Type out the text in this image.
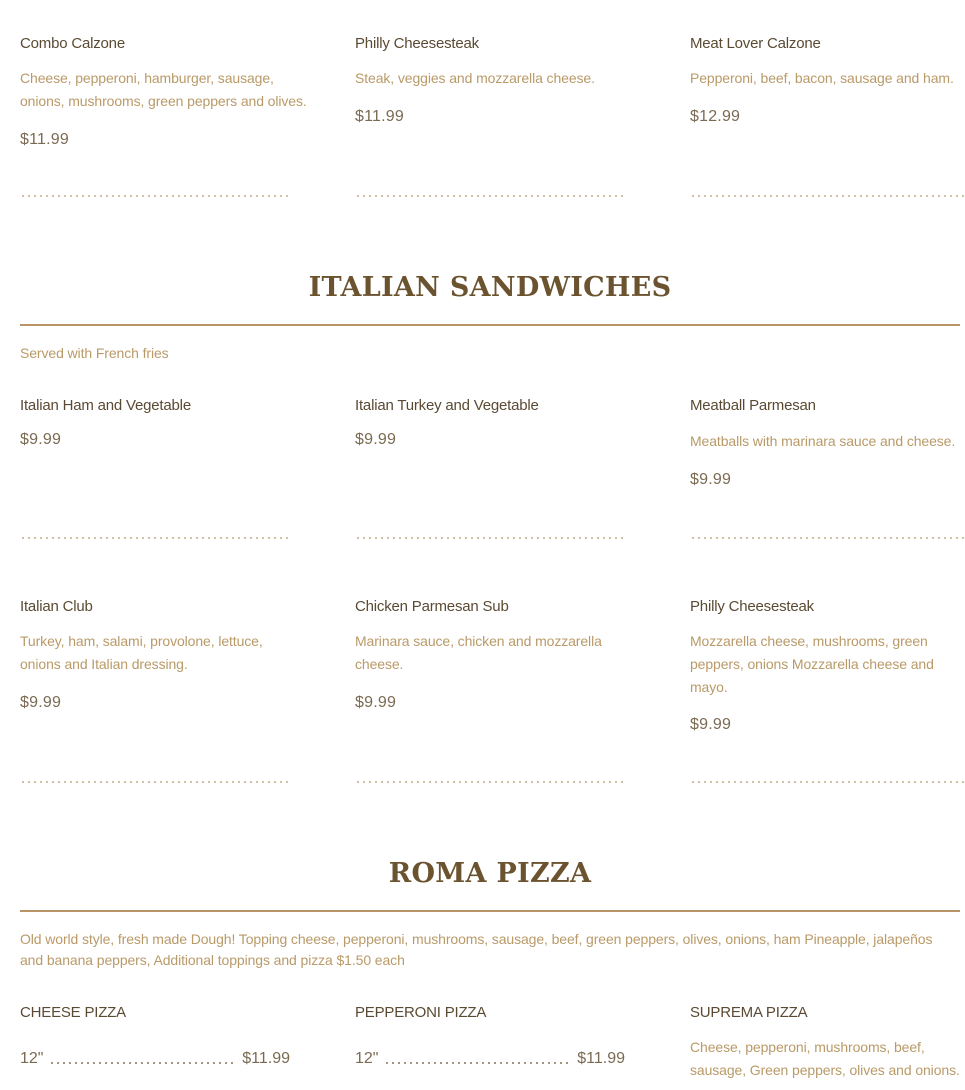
Combo Calzone
Cheese, pepperoni, hamburger, sausage, onions, mushrooms, green peppers and olives.
$11.99
Philly Cheesesteak
Steak, veggies and mozzarella cheese.
$11.99
Meat Lover Calzone
Pepperoni, beef, bacon, sausage and ham.
$12.99
ITALIAN SANDWICHES
Served with French fries
Italian Ham and Vegetable
$9.99
Italian Turkey and Vegetable
$9.99
Meatball Parmesan
Meatballs with marinara sauce and cheese.
$9.99
Italian Club
Turkey, ham, salami, provolone, lettuce, onions and Italian dressing.
$9.99
Chicken Parmesan Sub
Marinara sauce, chicken and mozzarella cheese.
$9.99
Philly Cheesesteak
Mozzarella cheese, mushrooms, green peppers, onions Mozzarella cheese and mayo.
$9.99
ROMA PIZZA
Old world style, fresh made Dough! Topping cheese, pepperoni, mushrooms, sausage, beef, green peppers, olives, onions, ham Pineapple, jalapeños and banana peppers, Additional toppings and pizza $1.50 each
CHEESE PIZZA
12"	$11.99
PEPPERONI PIZZA
12"	$11.99
SUPREMA PIZZA
Cheese, pepperoni, mushrooms, beef, sausage, Green peppers, olives and onions.
